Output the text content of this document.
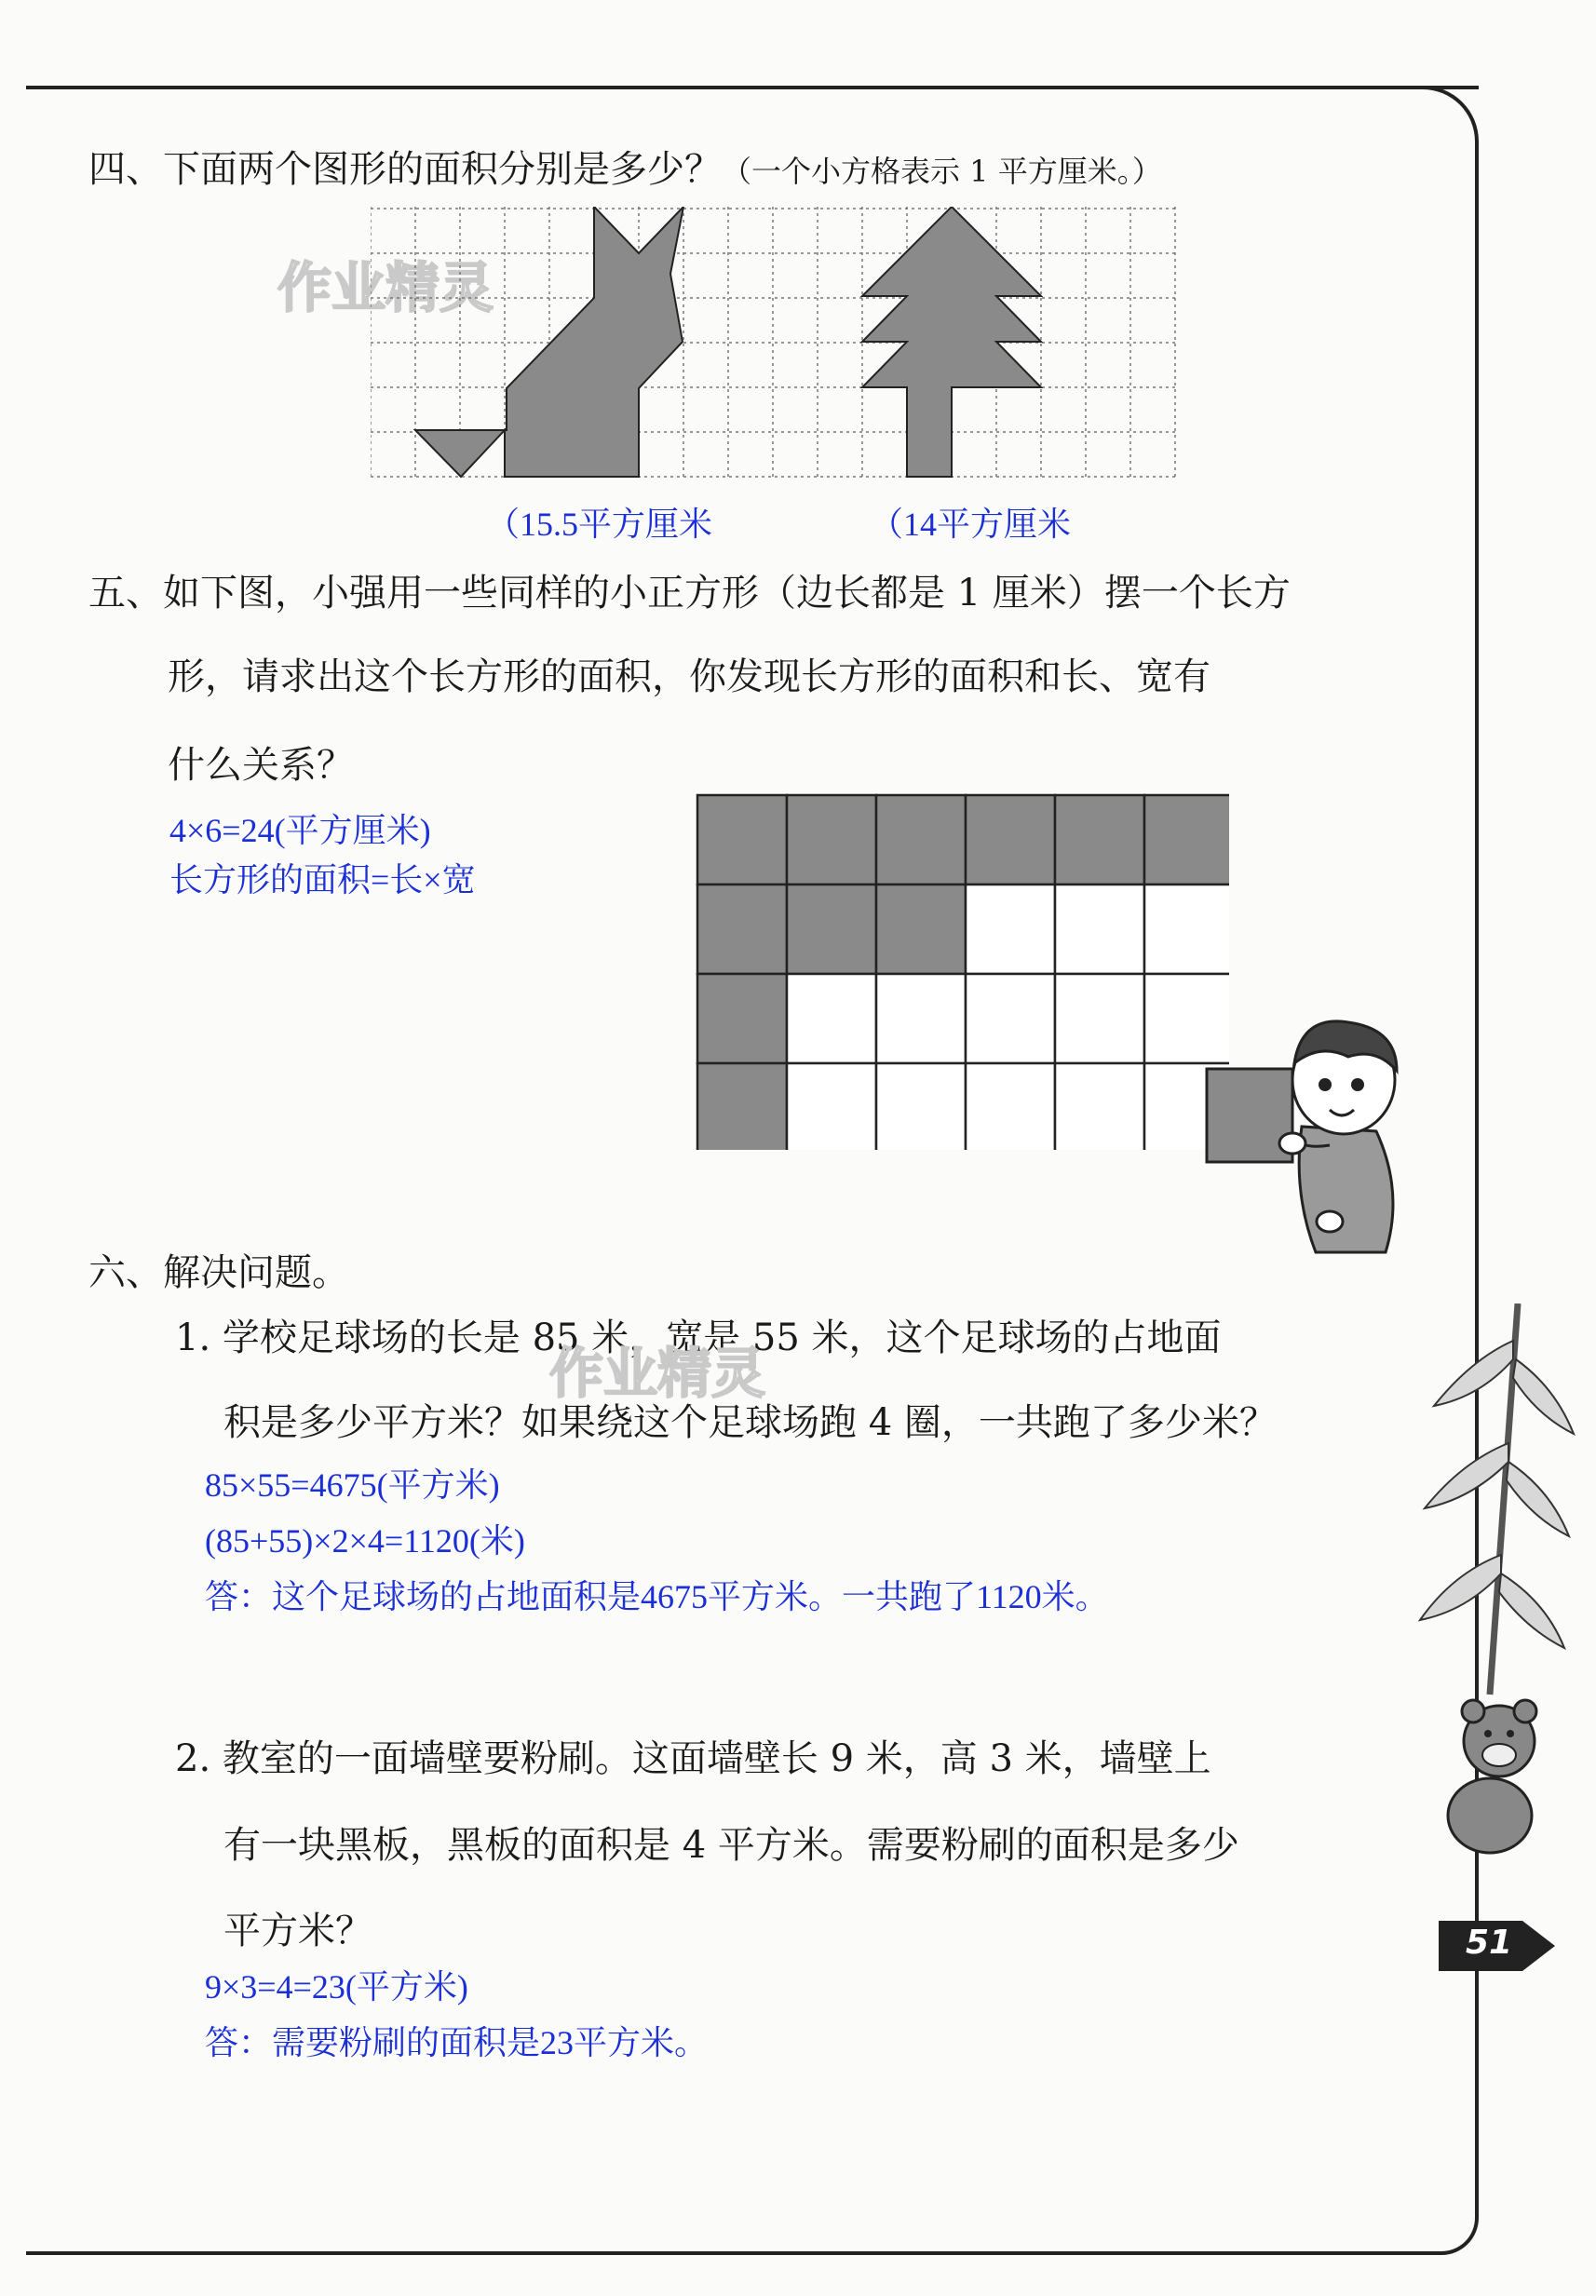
四、下面两个图形的面积分别是多少？（一个小方格表示 1 平方厘米。）
作业精灵
（15.5平方厘米	（14平方厘米
五、如下图，小强用一些同样的小正方形（边长都是 1 厘米）摆一个长方
形，请求出这个长方形的面积，你发现长方形的面积和长、宽有
什么关系？
4×6=24(平方厘米)
长方形的面积=长×宽
六、解决问题。
1. 学校足球场的长是 85 米，宽是 55 米，这个足球场的占地面
作业精灵
积是多少平方米？如果绕这个足球场跑 4 圈，一共跑了多少米？
85×55=4675(平方米)
(85+55)×2×4=1120(米)
答：这个足球场的占地面积是4675平方米。一共跑了1120米。
2. 教室的一面墙壁要粉刷。这面墙壁长 9 米，高 3 米，墙壁上
有一块黑板，黑板的面积是 4 平方米。需要粉刷的面积是多少
平方米？
9×3=4=23(平方米)
答：需要粉刷的面积是23平方米。
51
